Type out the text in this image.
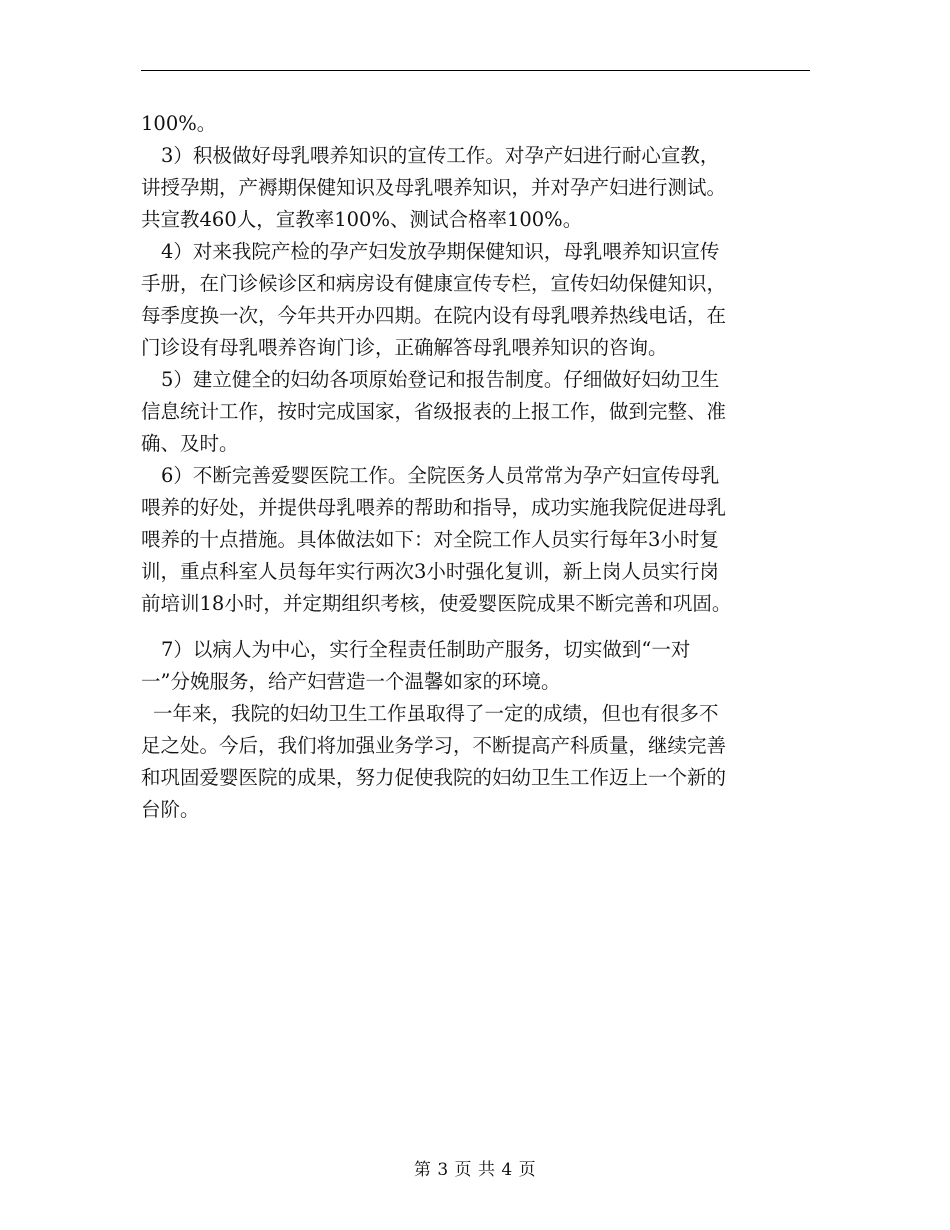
100%。
3）积极做好母乳喂养知识的宣传工作。对孕产妇进行耐心宣教，
讲授孕期，产褥期保健知识及母乳喂养知识，并对孕产妇进行测试。
共宣教460人，宣教率100%、测试合格率100%。
4）对来我院产检的孕产妇发放孕期保健知识，母乳喂养知识宣传
手册，在门诊候诊区和病房设有健康宣传专栏，宣传妇幼保健知识，
每季度换一次，今年共开办四期。在院内设有母乳喂养热线电话，在
门诊设有母乳喂养咨询门诊，正确解答母乳喂养知识的咨询。
5）建立健全的妇幼各项原始登记和报告制度。仔细做好妇幼卫生
信息统计工作，按时完成国家，省级报表的上报工作，做到完整、准
确、及时。
6）不断完善爱婴医院工作。全院医务人员常常为孕产妇宣传母乳
喂养的好处，并提供母乳喂养的帮助和指导，成功实施我院促进母乳
喂养的十点措施。具体做法如下：对全院工作人员实行每年3小时复
训，重点科室人员每年实行两次3小时强化复训，新上岗人员实行岗
前培训18小时，并定期组织考核，使爱婴医院成果不断完善和巩固。
7）以病人为中心，实行全程责任制助产服务，切实做到“一对
一”分娩服务，给产妇营造一个温馨如家的环境。
一年来，我院的妇幼卫生工作虽取得了一定的成绩，但也有很多不
足之处。今后，我们将加强业务学习，不断提高产科质量，继续完善
和巩固爱婴医院的成果，努力促使我院的妇幼卫生工作迈上一个新的
台阶。
第 3 页 共 4 页
